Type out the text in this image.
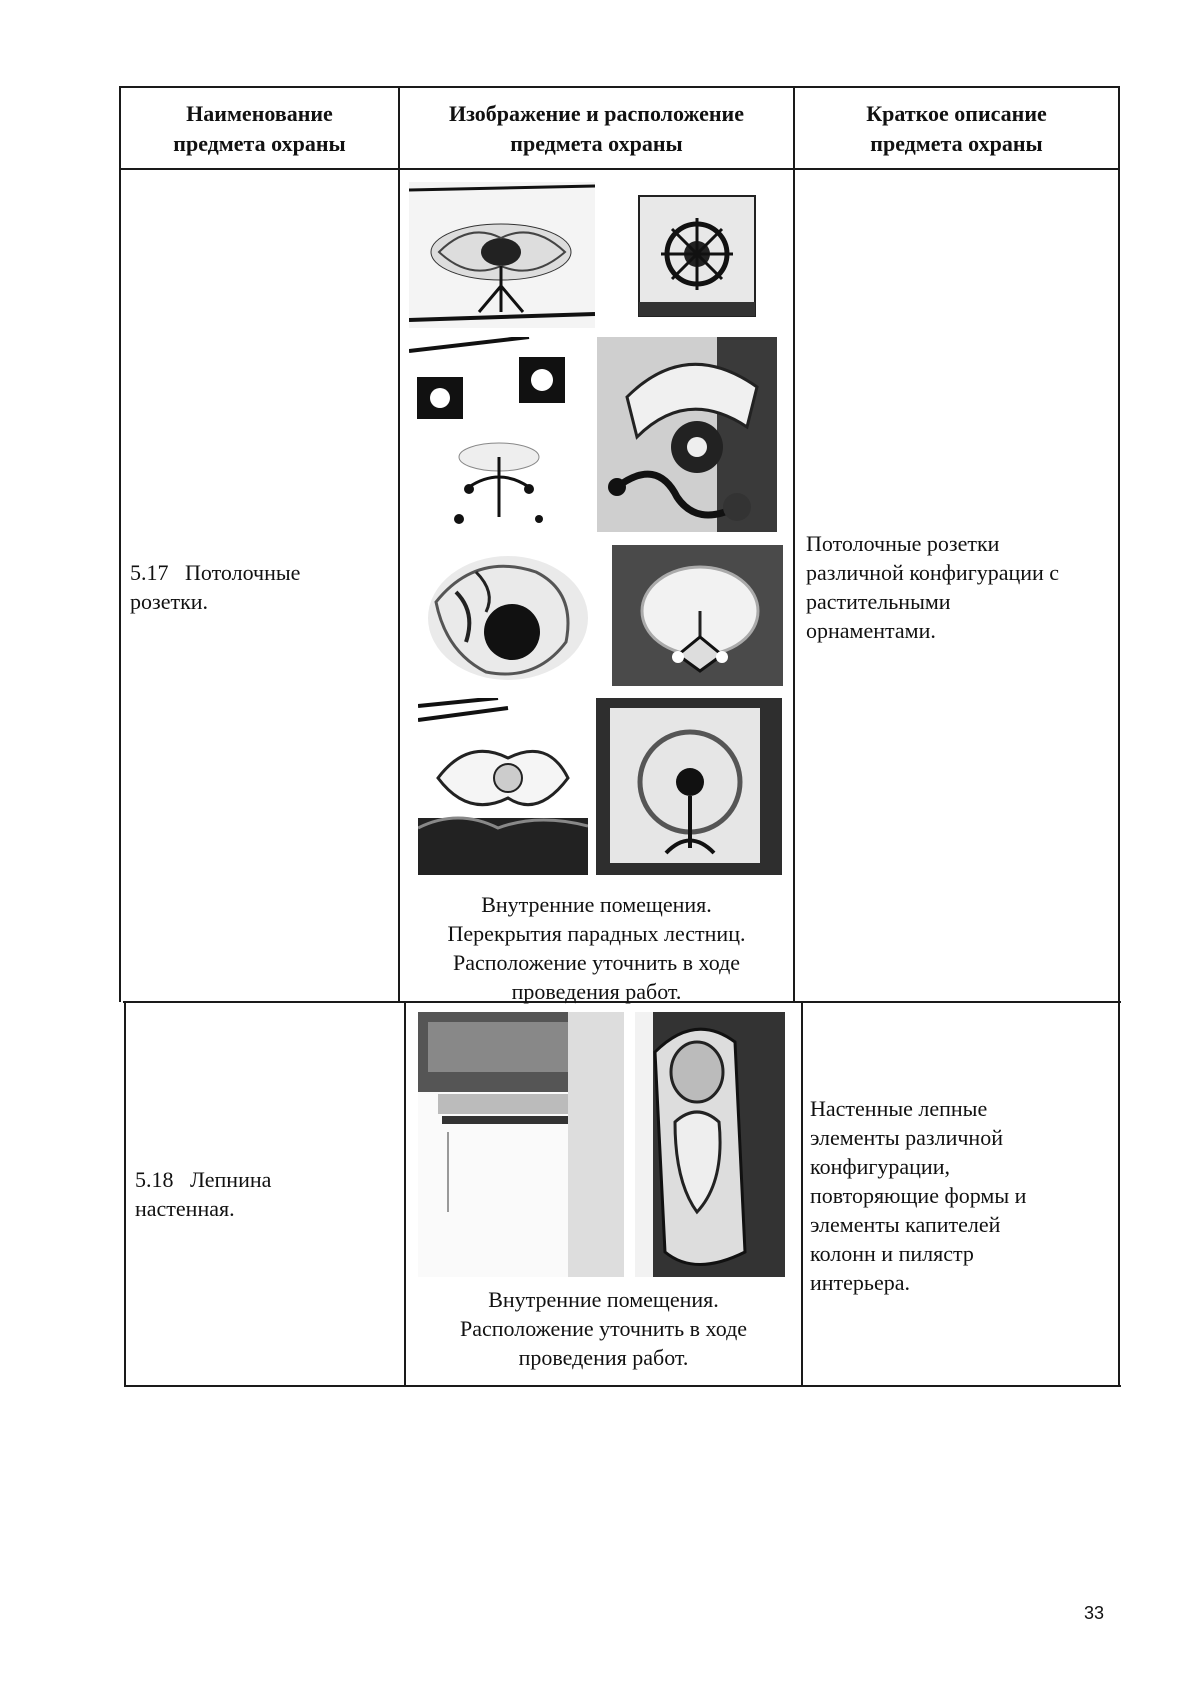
Наименование
предмета охраны
Изображение и расположение
предмета охраны
Краткое описание
предмета охраны
5.17   Потолочные
розетки.
Внутренние помещения.
Перекрытия парадных лестниц.
Расположение уточнить в ходе
проведения работ.
Потолочные розетки
различной конфигурации с
растительными
орнаментами.
5.18   Лепнина
настенная.
Внутренние помещения.
Расположение уточнить в ходе
проведения работ.
Настенные лепные
элементы различной
конфигурации,
повторяющие формы и
элементы капителей
колонн и пилястр
интерьера.
33
